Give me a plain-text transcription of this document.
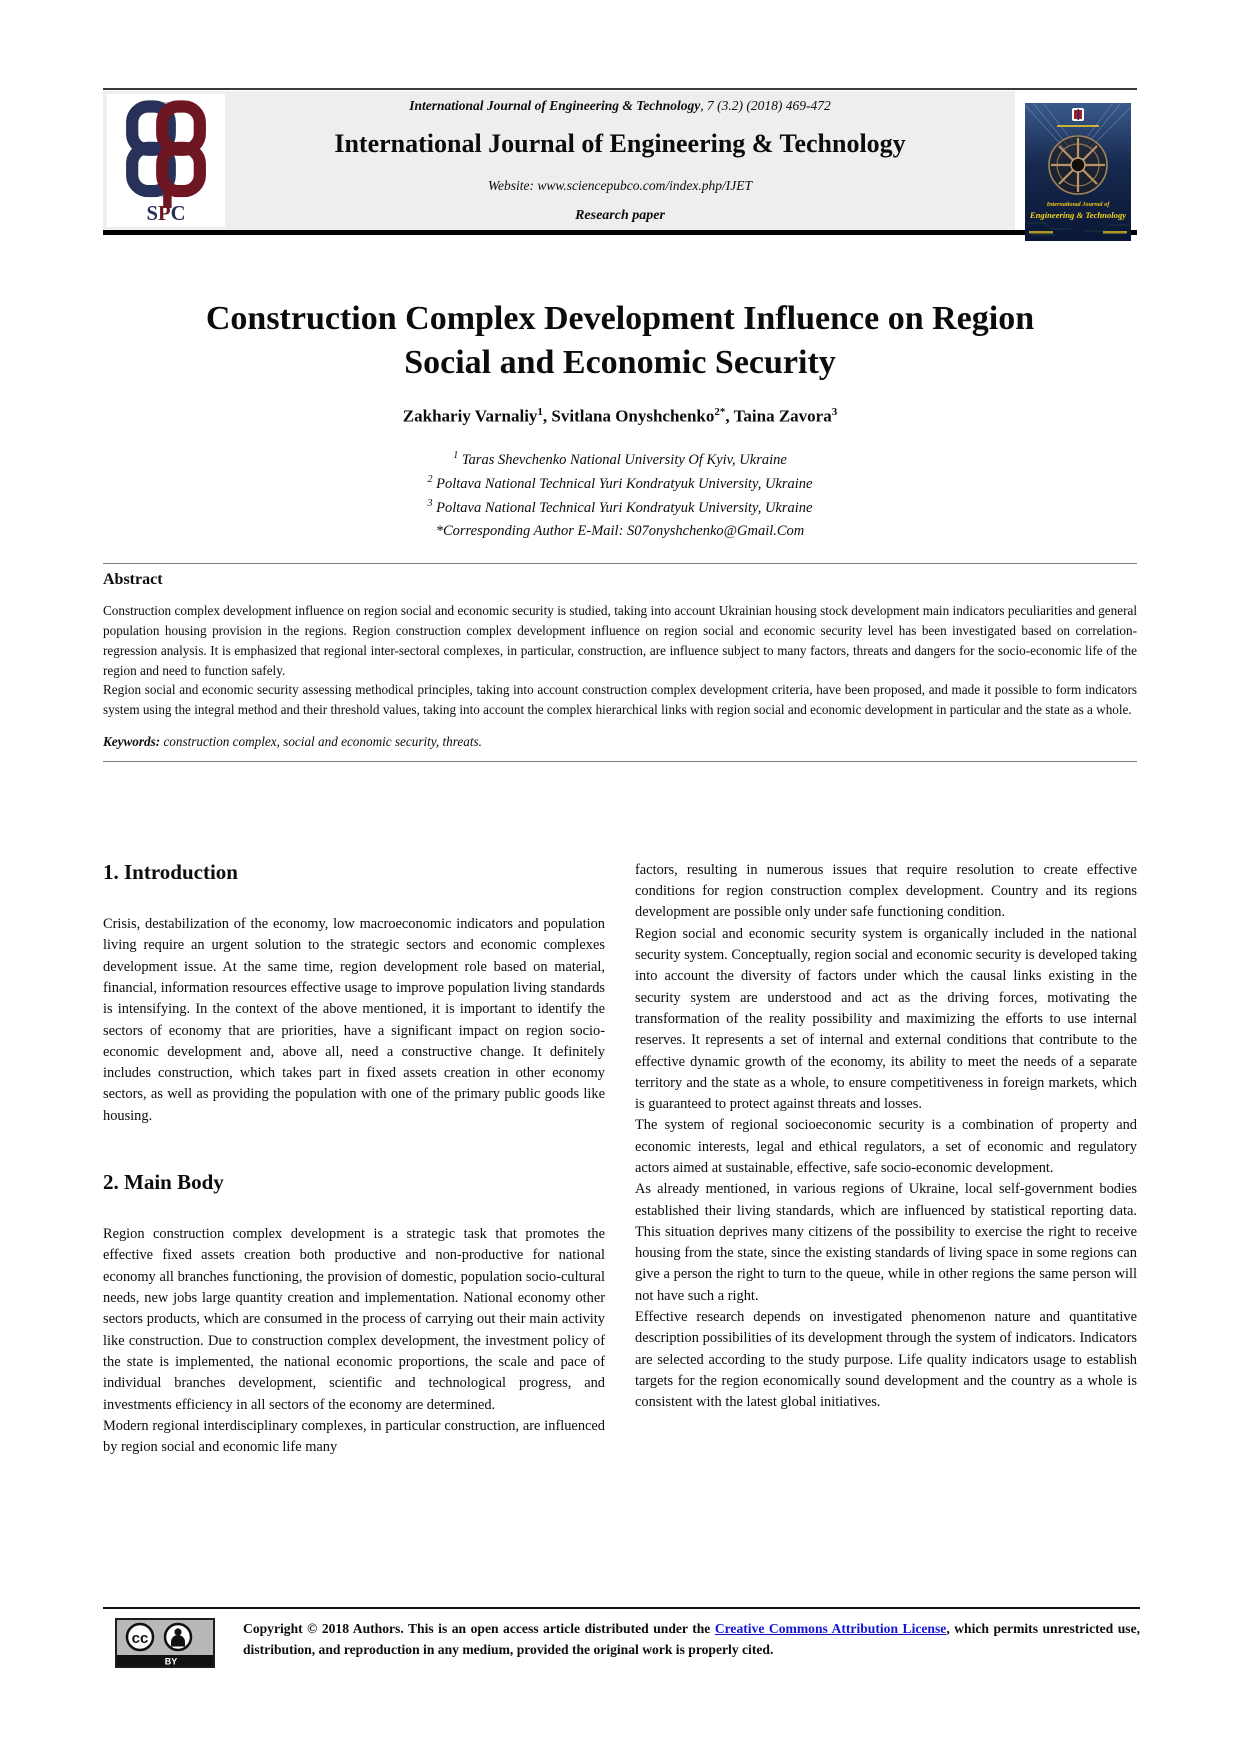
SPC
International Journal of Engineering & Technology, 7 (3.2) (2018) 469-472
International Journal of Engineering & Technology
Website: www.sciencepubco.com/index.php/IJET
Research paper
International Journal of
Engineering & Technology
Construction Complex Development Influence on Region
Social and Economic Security
Zakhariy Varnaliy$^1$, Svitlana Onyshchenko$^{2*}$, Taina Zavora$^3$
$^1$ Taras Shevchenko National University Of Kyiv, Ukraine
$^2$ Poltava National Technical Yuri Kondratyuk University, Ukraine
$^3$ Poltava National Technical Yuri Kondratyuk University, Ukraine
*Corresponding Author E-Mail: S07onyshchenko@Gmail.Com
Abstract

Construction complex development influence on region social and economic security is studied, taking into account Ukrainian housing stock development main indicators peculiarities and general population housing provision in the regions. Region construction complex development influence on region social and economic security level has been investigated based on correlation-regression analysis. It is emphasized that regional inter-sectoral complexes, in particular, construction, are influence subject to many factors, threats and dangers for the socio-economic life of the region and need to function safely.

Region social and economic security assessing methodical principles, taking into account construction complex development criteria, have been proposed, and made it possible to form indicators system using the integral method and their threshold values, taking into account the complex hierarchical links with region social and economic development in particular and the state as a whole.

Keywords: construction complex, social and economic security, threats.

1. Introduction

Crisis, destabilization of the economy, low macroeconomic indicators and population living require an urgent solution to the strategic sectors and economic complexes development issue. At the same time, region development role based on material, financial, information resources effective usage to improve population living standards is intensifying. In the context of the above mentioned, it is important to identify the sectors of economy that are priorities, have a significant impact on region socio-economic development and, above all, need a constructive change. It definitely includes construction, which takes part in fixed assets creation in other economy sectors, as well as providing the population with one of the primary public goods like housing.

2. Main Body

Region construction complex development is a strategic task that promotes the effective fixed assets creation both productive and non-productive for national economy all branches functioning, the provision of domestic, population socio-cultural needs, new jobs large quantity creation and implementation. National economy other sectors products, which are consumed in the process of carrying out their main activity like construction. Due to construction complex development, the investment policy of the state is implemented, the national economic proportions, the scale and pace of individual branches development, scientific and technological progress, and investments efficiency in all sectors of the economy are determined.

Modern regional interdisciplinary complexes, in particular construction, are influenced by region social and economic life many

factors, resulting in numerous issues that require resolution to create effective conditions for region construction complex development. Country and its regions development are possible only under safe functioning condition.

Region social and economic security system is organically included in the national security system. Conceptually, region social and economic security is developed taking into account the diversity of factors under which the causal links existing in the security system are understood and act as the driving forces, motivating the transformation of the reality possibility and maximizing the efforts to use internal reserves. It represents a set of internal and external conditions that contribute to the effective dynamic growth of the economy, its ability to meet the needs of a separate territory and the state as a whole, to ensure competitiveness in foreign markets, which is guaranteed to protect against threats and losses.

The system of regional socioeconomic security is a combination of property and economic interests, legal and ethical regulators, a set of economic and regulatory actors aimed at sustainable, effective, safe socio-economic development.

As already mentioned, in various regions of Ukraine, local self-government bodies established their living standards, which are influenced by statistical reporting data. This situation deprives many citizens of the possibility to exercise the right to receive housing from the state, since the existing standards of living space in some regions can give a person the right to turn to the queue, while in other regions the same person will not have such a right.

Effective research depends on investigated phenomenon nature and quantitative description possibilities of its development through the system of indicators. Indicators are selected according to the study purpose. Life quality indicators usage to establish targets for the region economically sound development and the country as a whole is consistent with the latest global initiatives.

cc
BY

Copyright © 2018 Authors. This is an open access article distributed under the Creative Commons Attribution License, which permits unrestricted use, distribution, and reproduction in any medium, provided the original work is properly cited.
